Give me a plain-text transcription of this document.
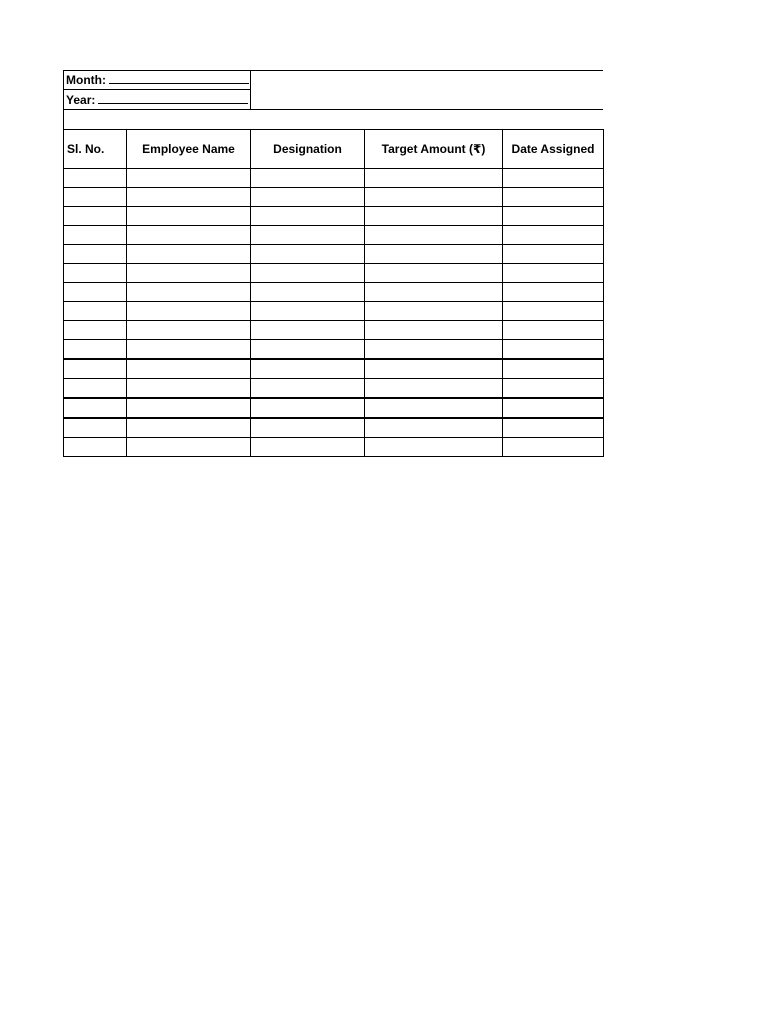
Month:
Year:
Sl. No.	Employee Name	Designation	Target Amount (₹)	Date Assigned
